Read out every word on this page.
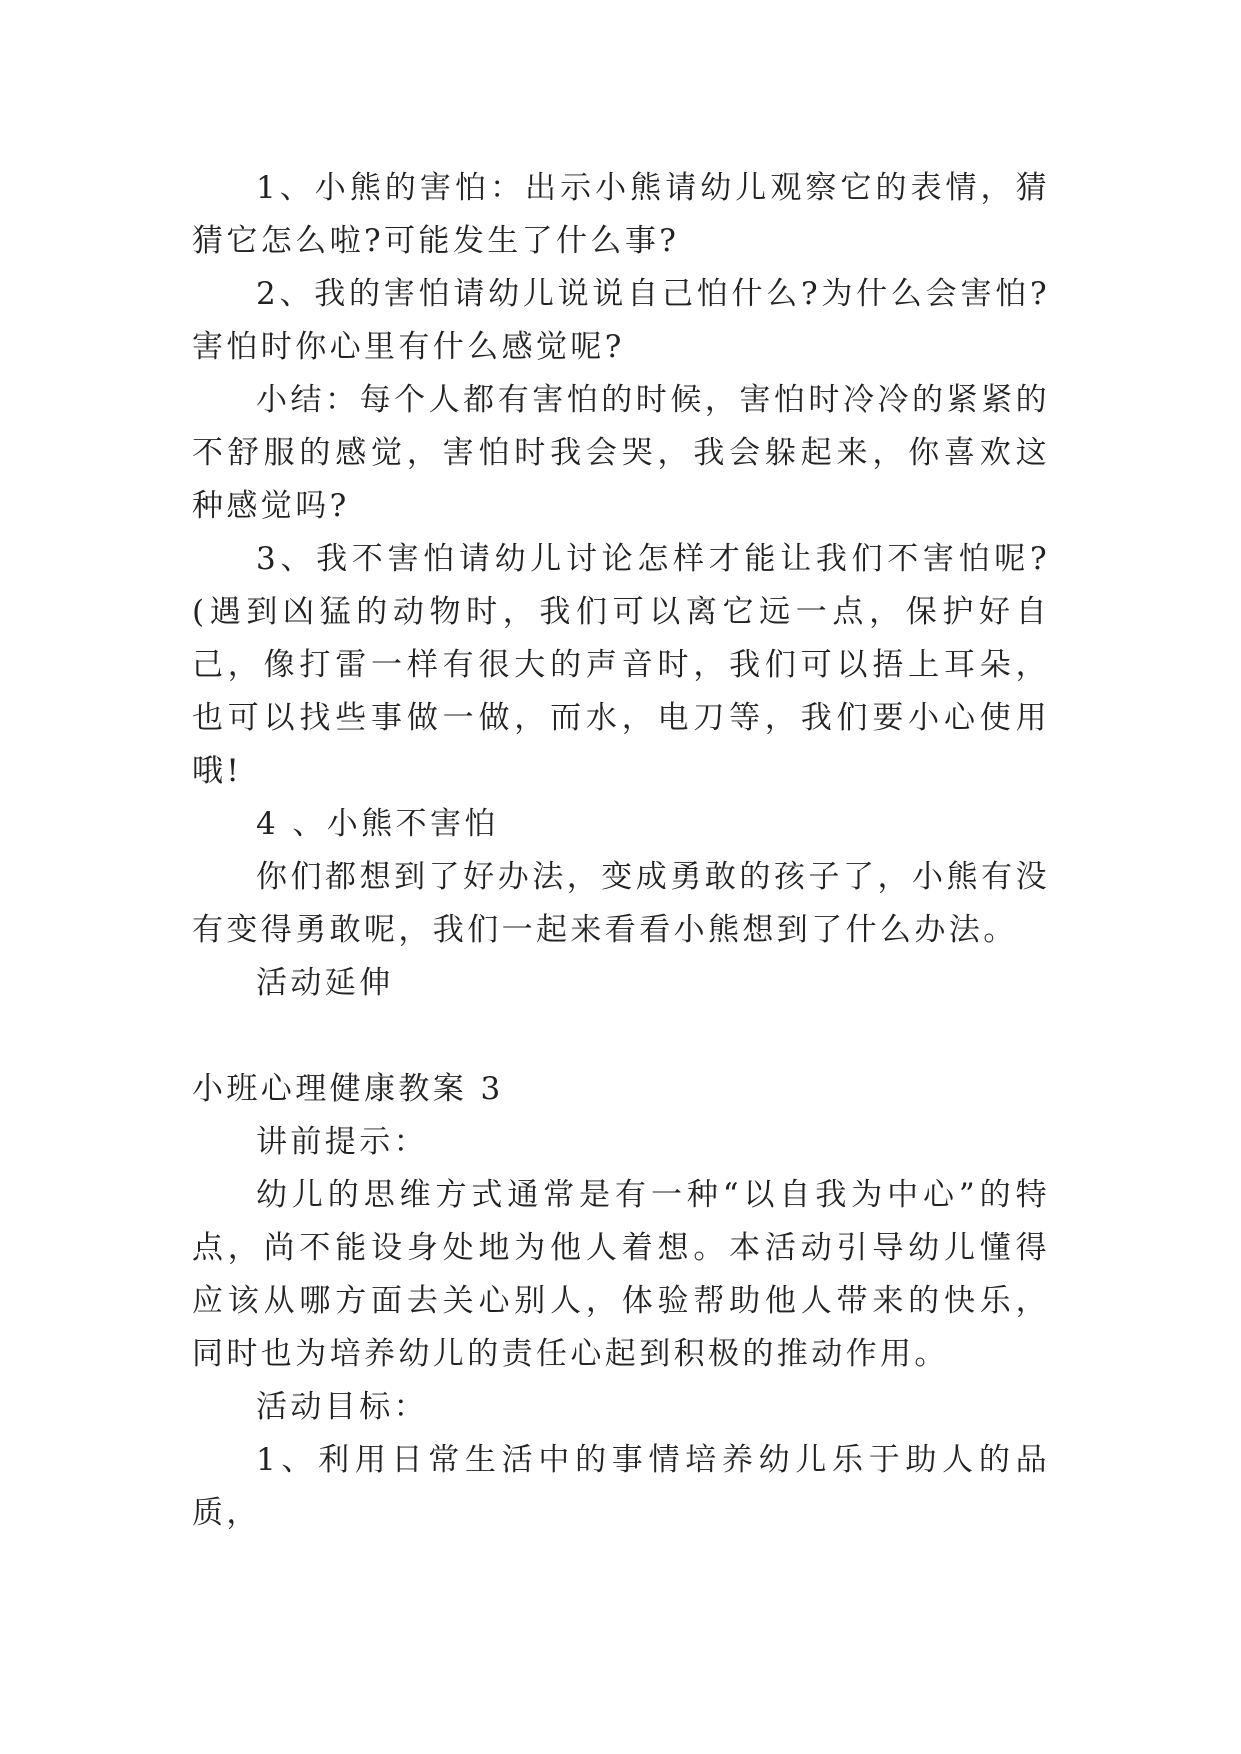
1、小熊的害怕：出示小熊请幼儿观察它的表情，猜猜它怎么啦?可能发生了什么事?

2、我的害怕请幼儿说说自己怕什么?为什么会害怕?害怕时你心里有什么感觉呢?

小结：每个人都有害怕的时候，害怕时冷冷的紧紧的不舒服的感觉，害怕时我会哭，我会躲起来，你喜欢这种感觉吗?

3、我不害怕请幼儿讨论怎样才能让我们不害怕呢?(遇到凶猛的动物时，我们可以离它远一点，保护好自己，像打雷一样有很大的声音时，我们可以捂上耳朵，也可以找些事做一做，而水，电刀等，我们要小心使用哦!

4 、小熊不害怕

你们都想到了好办法，变成勇敢的孩子了，小熊有没有变得勇敢呢，我们一起来看看小熊想到了什么办法。

活动延伸

小班心理健康教案 3

讲前提示：

幼儿的思维方式通常是有一种“以自我为中心”的特点，尚不能设身处地为他人着想。本活动引导幼儿懂得应该从哪方面去关心别人，体验帮助他人带来的快乐，同时也为培养幼儿的责任心起到积极的推动作用。

活动目标：

1、利用日常生活中的事情培养幼儿乐于助人的品质，
